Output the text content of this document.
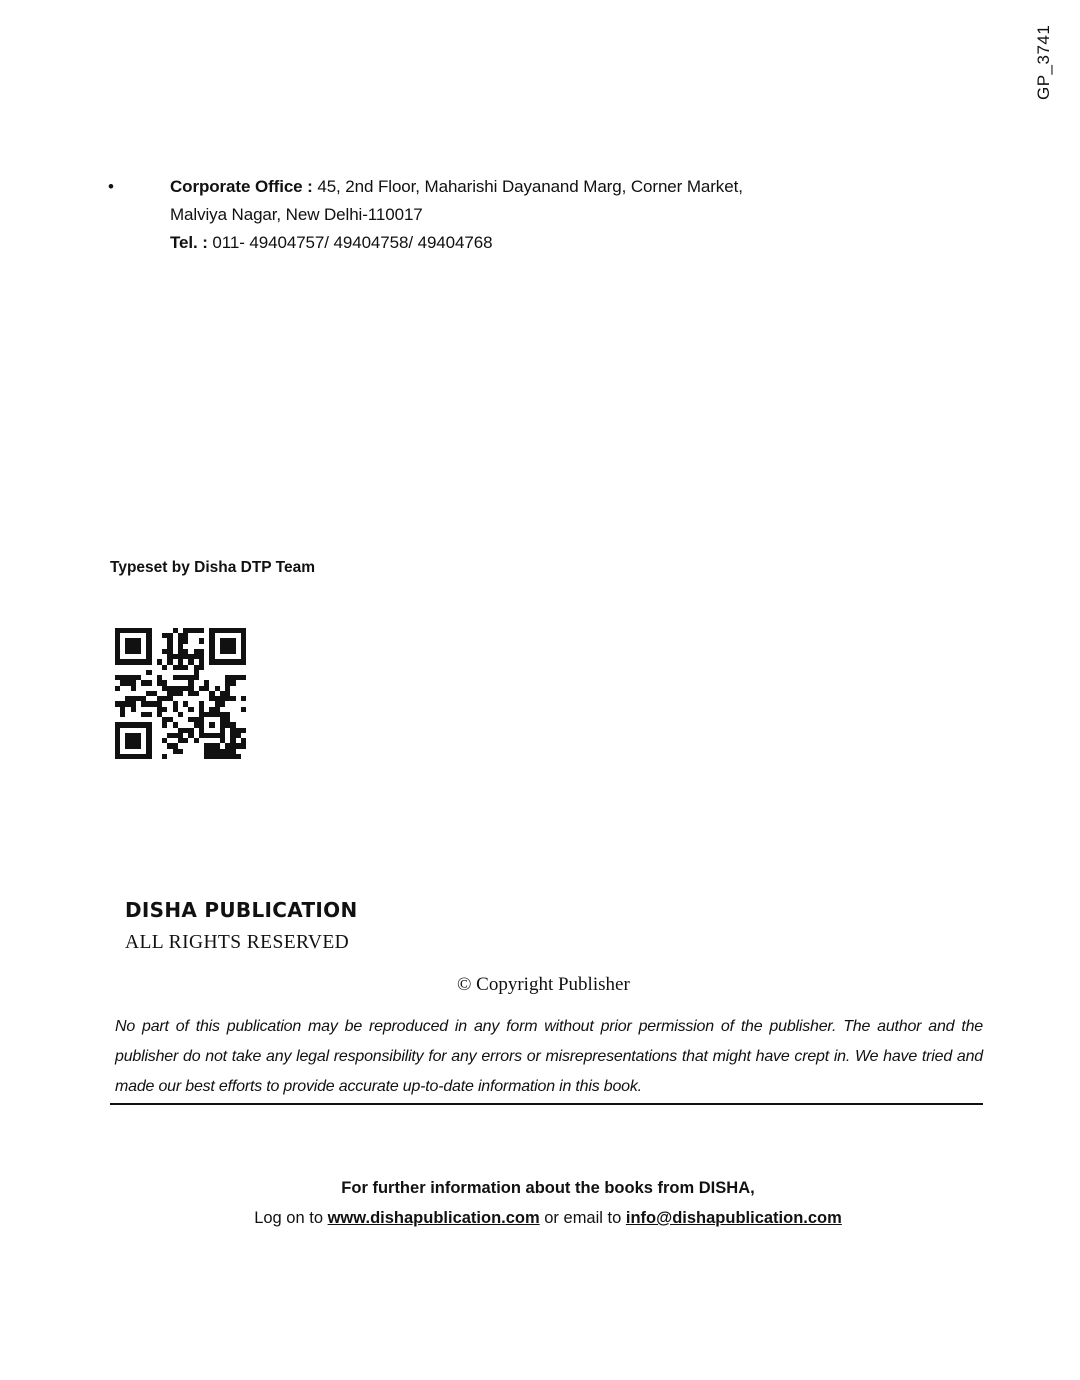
GP_3741
•	Corporate Office : 45, 2nd Floor, Maharishi Dayanand Marg, Corner Market,
Malviya Nagar, New Delhi-110017
Tel. : 011- 49404757/ 49404758/ 49404768
Typeset by Disha DTP Team
DISHA PUBLICATION
ALL RIGHTS RESERVED
© Copyright Publisher
No part of this publication may be reproduced in any form without prior permission of the publisher. The author and the publisher do not take any legal responsibility for any errors or misrepresentations that might have crept in. We have tried and made our best efforts to provide accurate up-to-date information in this book.
For further information about the books from DISHA,
Log on to www.dishapublication.com or email to info@dishapublication.com
